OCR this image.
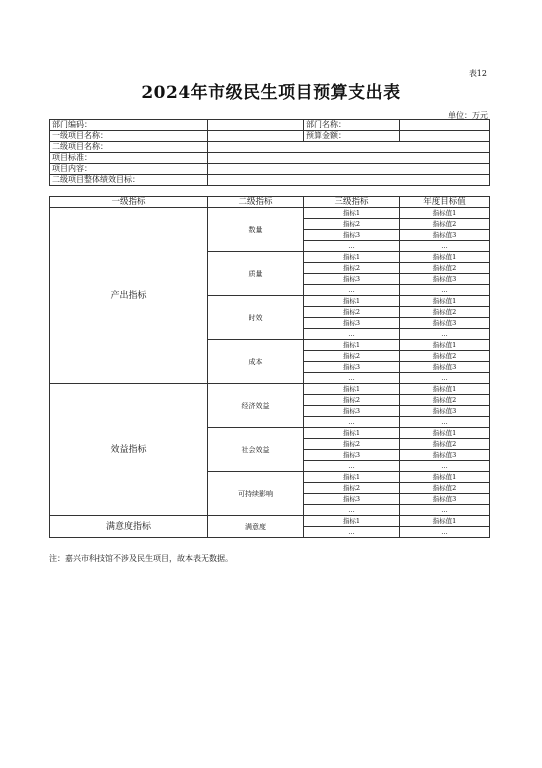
表12
2024年市级民生项目预算支出表
单位：万元
部门编码：		部门名称：	
一级项目名称：		预算金额：	
二级项目名称：			
项目标准：			
项目内容：			
二级项目整体绩效目标：			
一级指标	二级指标	三级指标	年度目标值
产出指标	数量	指标1	指标值1
		指标2	指标值2
		指标3	指标值3
		…	…
	质量	指标1	指标值1
		指标2	指标值2
		指标3	指标值3
		…	…
	时效	指标1	指标值1
		指标2	指标值2
		指标3	指标值3
		…	…
	成本	指标1	指标值1
		指标2	指标值2
		指标3	指标值3
		…	…
效益指标	经济效益	指标1	指标值1
		指标2	指标值2
		指标3	指标值3
		…	…
	社会效益	指标1	指标值1
		指标2	指标值2
		指标3	指标值3
		…	…
	可持续影响	指标1	指标值1
		指标2	指标值2
		指标3	指标值3
		…	…
满意度指标	满意度	指标1	指标值1
		…	…
注：嘉兴市科技馆不涉及民生项目，故本表无数据。
